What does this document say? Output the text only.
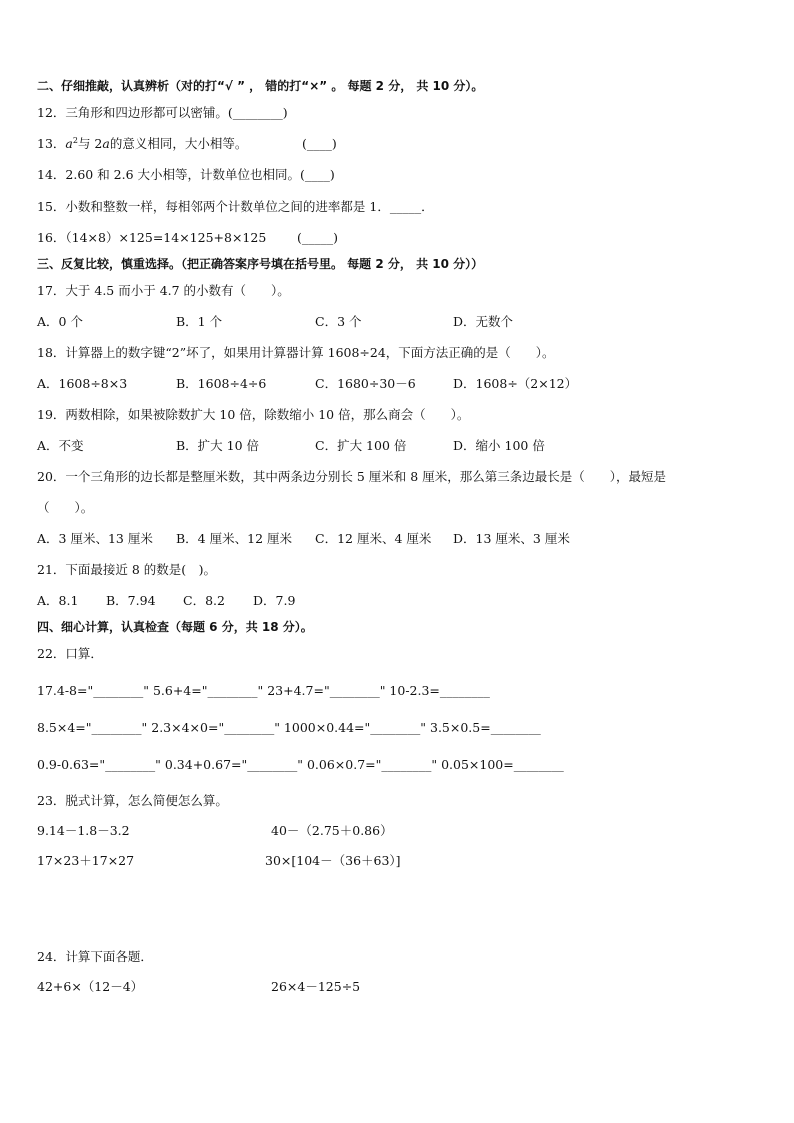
二、仔细推敲，认真辨析（对的打“√ ” ， 错的打“×” 。 每题 2 分， 共 10 分）。
12．三角形和四边形都可以密铺。(________)
13．$a^2$与 2a的意义相同，大小相等。	(____)
14．2.60 和 2.6 大小相等，计数单位也相同。(____)
15．小数和整数一样，每相邻两个计数单位之间的进率都是 1．_____．
16．（14×8）×125=14×125+8×125 (_____)
三、反复比较，慎重选择。（把正确答案序号填在括号里。 每题 2 分， 共 10 分））
17．大于 4.5 而小于 4.7 的小数有（　　）。
A．0 个	B．1 个	C．3 个	D．无数个
18．计算器上的数字键“2”坏了，如果用计算器计算 1608÷24，下面方法正确的是（　　）。
A．1608÷8×3	B．1608÷4÷6	C．1680÷30－6	D．1608÷（2×12）
19．两数相除，如果被除数扩大 10 倍，除数缩小 10 倍，那么商会（　　）。
A．不变	B．扩大 10 倍	C．扩大 100 倍	D．缩小 100 倍
20．一个三角形的边长都是整厘米数，其中两条边分别长 5 厘米和 8 厘米，那么第三条边最长是（　　），最短是
（　　）。
A．3 厘米、13 厘米 B．4 厘米、12 厘米 C．12 厘米、4 厘米 D．13 厘米、3 厘米
21．下面最接近 8 的数是(　)。
A．8.1 B．7.94 C．8.2 D．7.9
四、细心计算，认真检查（每题 6 分，共 18 分）。
22．口算．
17.4-8="________" 5.6+4="________" 23+4.7="________" 10-2.3=________
8.5×4="________" 2.3×4×0="________" 1000×0.44="________" 3.5×0.5=________
0.9-0.63="________" 0.34+0.67="________" 0.06×0.7="________" 0.05×100=________
23．脱式计算，怎么简便怎么算。
9.14－1.8－3.2	40－（2.75＋0.86）
17×23＋17×27	30×[104－（36＋63）]
24．计算下面各题．
42+6×（12－4）	26×4－125÷5
